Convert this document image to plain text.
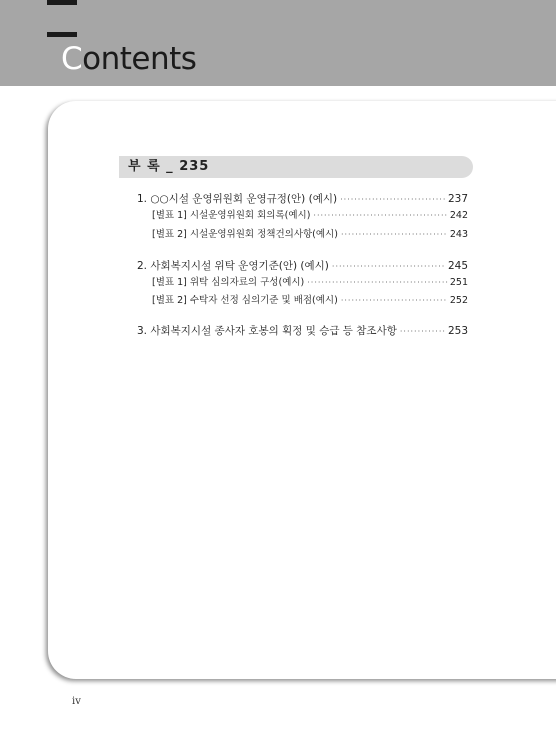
Contents
부 록 _ 235
1. ○○시설 운영위원회 운영규정(안) (예시) ·····	237
[별표 1] 시설운영위원회 회의록(예시) ·····	242
[별표 2] 시설운영위원회 정책건의사항(예시) ·····	243
2. 사회복지시설 위탁 운영기준(안) (예시) ·····	245
[별표 1] 위탁 심의자료의 구성(예시) ·····	251
[별표 2] 수탁자 선정 심의기준 및 배점(예시) ·····	252
3. 사회복지시설 종사자 호봉의 획정 및 승급 등 참조사항 ·····	253
iv
